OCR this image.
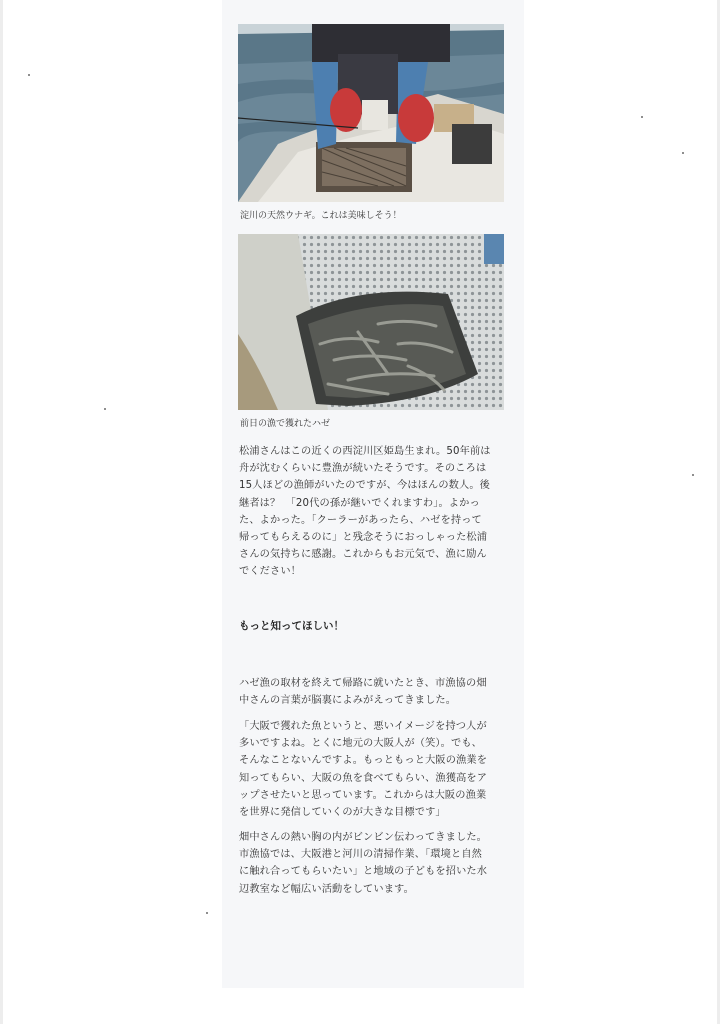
淀川の天然ウナギ。これは美味しそう！
前日の漁で獲れたハゼ
松浦さんはこの近くの西淀川区姫島生まれ。50年前は
舟が沈むくらいに豊漁が続いたそうです。そのころは
15人ほどの漁師がいたのですが、今はほんの数人。後
継者は？　「20代の孫が継いでくれますわ」。よかっ
た、よかった。「クーラーがあったら、ハゼを持って
帰ってもらえるのに」と残念そうにおっしゃった松浦
さんの気持ちに感謝。これからもお元気で、漁に励ん
でください！
もっと知ってほしい！
ハゼ漁の取材を終えて帰路に就いたとき、市漁協の畑
中さんの言葉が脳裏によみがえってきました。
「大阪で獲れた魚というと、悪いイメージを持つ人が
多いですよね。とくに地元の大阪人が（笑）。でも、
そんなことないんですよ。もっともっと大阪の漁業を
知ってもらい、大阪の魚を食べてもらい、漁獲高をア
ップさせたいと思っています。これからは大阪の漁業
を世界に発信していくのが大きな目標です」
畑中さんの熱い胸の内がビンビン伝わってきました。
市漁協では、大阪港と河川の清掃作業、「環境と自然
に触れ合ってもらいたい」と地域の子どもを招いた水
辺教室など幅広い活動をしています。
